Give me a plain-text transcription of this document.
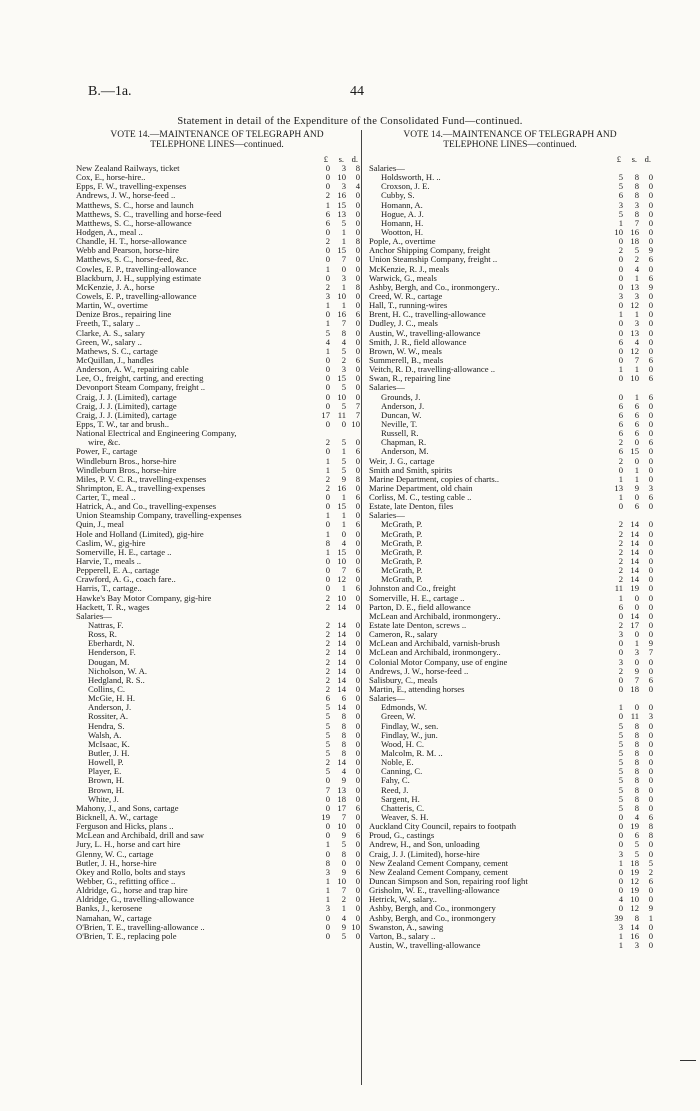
B.—1a.	44
Statement in detail of the Expenditure of the Consolidated Fund—continued.
VOTE 14.—MAINTENANCE OF TELEGRAPH AND
TELEPHONE LINES—continued.
£	s. d.
New Zealand Railways, ticket	0	3	8
Cox, E., horse-hire..	0 10	0
Epps, F. W., travelling-expenses	0	3	4
Andrews, J. W., horse-feed ..	2 16	0
Matthews, S. C., horse and launch	1 15	0
Matthews, S. C., travelling and horse-feed	6 13	0
Matthews, S. C., horse-allowance	6	5	0
Hodgen, A., meal ..	0	1	0
Chandle, H. T., horse-allowance	2	1	8
Webb and Pearson, horse-hire	0 15	0
Matthews, S. C., horse-feed, &c.	0	7	0
Cowles, E. P., travelling-allowance	1	0	0
Blackburn, J. H., supplying estimate	0	3	0
McKenzie, J. A., horse	2	1	8
Cowels, E. P., travelling-allowance	3 10	0
Martin, W., overtime	1	1	0
Denize Bros., repairing line	0 16	6
Freeth, T., salary ..	1	7	0
Clarke, A. S., salary	5	8	0
Green, W., salary ..	4	4	0
Mathews, S. C., cartage	1	5	0
McQuillan, J., handles	0	2	6
Anderson, A. W., repairing cable	0	3	0
Lee, O., freight, carting, and erecting	0 15	0
Devonport Steam Company, freight ..	0	5	0
Craig, J. J. (Limited), cartage	0 10	0
Craig, J. J. (Limited), cartage	0	5	7
Craig, J. J. (Limited), cartage	17 11	7
Epps, T. W., tar and brush..	0	0 10
National Electrical and Engineering Company,
wire, &c.	2	5	0
Power, F., cartage	0	1	6
Windleburn Bros., horse-hire	1	5	0
Windleburn Bros., horse-hire	1	5	0
Miles, P. V. C. R., travelling-expenses	2	9	8
Shrimpton, E. A., travelling-expenses	2 16	0
Carter, T., meal ..	0	1	6
Hatrick, A., and Co., travelling-expenses	0 15	0
Union Steamship Company, travelling-expenses	1	1	0
Quin, J., meal	0	1	6
Hole and Holland (Limited), gig-hire	1	0	0
Caslim, W., gig-hire	8	4	0
Somerville, H. E., cartage ..	1 15	0
Harvie, T., meals ..	0 10	0
Pepperell, E. A., cartage	0	7	6
Crawford, A. G., coach fare..	0 12	0
Harris, T., cartage..	0	1	6
Hawke's Bay Motor Company, gig-hire	2 10	0
Hackett, T. R., wages	2 14	0
Salaries—
Nattras, F.	2 14	0
Ross, R.	2 14	0
Eberhardt, N.	2 14	0
Henderson, F.	2 14	0
Dougan, M.	2 14	0
Nicholson, W. A.	2 14	0
Hedgland, R. S..	2 14	0
Collins, C.	2 14	0
McGie, H. H.	6	6	0
Anderson, J.	5 14	0
Rossiter, A.	5	8	0
Hendra, S.	5	8	0
Walsh, A.	5	8	0
McIsaac, K.	5	8	0
Butler, J. H.	5	8	0
Howell, P.	2 14	0
Player, E.	5	4	0
Brown, H.	0	9	0
Brown, H.	7 13	0
White, J.	0 18	0
Mahony, J., and Sons, cartage	0 17	6
Bicknell, A. W., cartage	19	7	0
Ferguson and Hicks, plans ..	0 10	0
McLean and Archibald, drill and saw	0	9	6
Jury, L. H., horse and cart hire	1	5	0
Glenny, W. C., cartage	0	8	0
Butler, J. H., horse-hire	8	0	0
Okey and Rollo, bolts and stays	3	9	6
Webber, G., refitting office ..	1 10	0
Aldridge, G., horse and trap hire	1	7	0
Aldridge, G., travelling-allowance	1	2	0
Banks, J., kerosene	3	1	0
Namahan, W., cartage	0	4	0
O'Brien, T. E., travelling-allowance ..	0	9 10
O'Brien, T. E., replacing pole	0	5	0
VOTE 14.—MAINTENANCE OF TELEGRAPH AND
TELEPHONE LINES—continued.
£	s. d.
Salaries—
Holdsworth, H. ..	5	8	0
Croxson, J. E.	5	8	0
Cubby, S.	6	8	0
Homann, A.	3	3	0
Hogue, A. J.	5	8	0
Homann, H.	1	7	0
Wootton, H.	10 16	0
Pople, A., overtime	0 18	0
Anchor Shipping Company, freight	2	5	9
Union Steamship Company, freight ..	0	2	6
McKenzie, R. J., meals	0	4	0
Warwick, G., meals	0	1	6
Ashby, Bergh, and Co., ironmongery..	0 13	9
Creed, W. R., cartage	3	3	0
Hall, T., running-wires	0 12	0
Brent, H. C., travelling-allowance	1	1	0
Dudley, J. C., meals	0	3	0
Austin, W., travelling-allowance	0 13	0
Smith, J. R., field allowance	6	4	0
Brown, W. W., meals	0 12	0
Summerell, B., meals	0	7	6
Veitch, R. D., travelling-allowance ..	1	1	0
Swan, R., repairing line	0 10	6
Salaries—
Grounds, J.	0	1	6
Anderson, J.	6	6	0
Duncan, W.	6	6	0
Neville, T.	6	6	0
Russell, R.	6	6	0
Chapman, R.	2	0	6
Anderson, M.	6 15	0
Weir, J. G., cartage	2	0	0
Smith and Smith, spirits	0	1	0
Marine Department, copies of charts..	1	1	0
Marine Department, old chain	13	9	3
Corliss, M. C., testing cable ..	1	0	6
Estate, late Denton, files	0	6	0
Salaries—
McGrath, P.	2 14	0
McGrath, P.	2 14	0
McGrath, P.	2 14	0
McGrath, P.	2 14	0
McGrath, P.	2 14	0
McGrath, P.	2 14	0
McGrath, P.	2 14	0
Johnston and Co., freight	11 19	0
Somerville, H. E., cartage ..	1	0	0
Parton, D. E., field allowance	6	0	0
McLean and Archibald, ironmongery..	0 14	0
Estate late Denton, screws ..	2 17	0
Cameron, R., salary	3	0	0
McLean and Archibald, varnish-brush	0	1	9
McLean and Archibald, ironmongery..	0	3	7
Colonial Motor Company, use of engine	3	0	0
Andrews, J. W., horse-feed ..	2	9	0
Salisbury, C., meals	0	7	6
Martin, E., attending horses	0 18	0
Salaries—
Edmonds, W.	1	0	0
Green, W.	0 11	3
Findlay, W., sen.	5	8	0
Findlay, W., jun.	5	8	0
Wood, H. C.	5	8	0
Malcolm, R. M. ..	5	8	0
Noble, E.	5	8	0
Canning, C.	5	8	0
Fahy, C.	5	8	0
Reed, J.	5	8	0
Sargent, H.	5	8	0
Chatteris, C.	5	8	0
Weaver, S. H.	0	4	6
Auckland City Council, repairs to footpath	0 19	8
Proud, G., castings	0	6	8
Andrew, H., and Son, unloading	0	5	0
Craig, J. J. (Limited), horse-hire	3	5	0
New Zealand Cement Company, cement	1 18	5
New Zealand Cement Company, cement	0 19	2
Duncan Simpson and Son, repairing roof light	0 12	6
Grisholm, W. E., travelling-allowance	0 19	0
Hetrick, W., salary..	4 10	0
Ashby, Bergh, and Co., ironmongery	0 12	9
Ashby, Bergh, and Co., ironmongery	39	8	1
Swanston, A., sawing	3 14	0
Varton, B., salary ..	1 16	0
Austin, W., travelling-allowance	1	3	0
